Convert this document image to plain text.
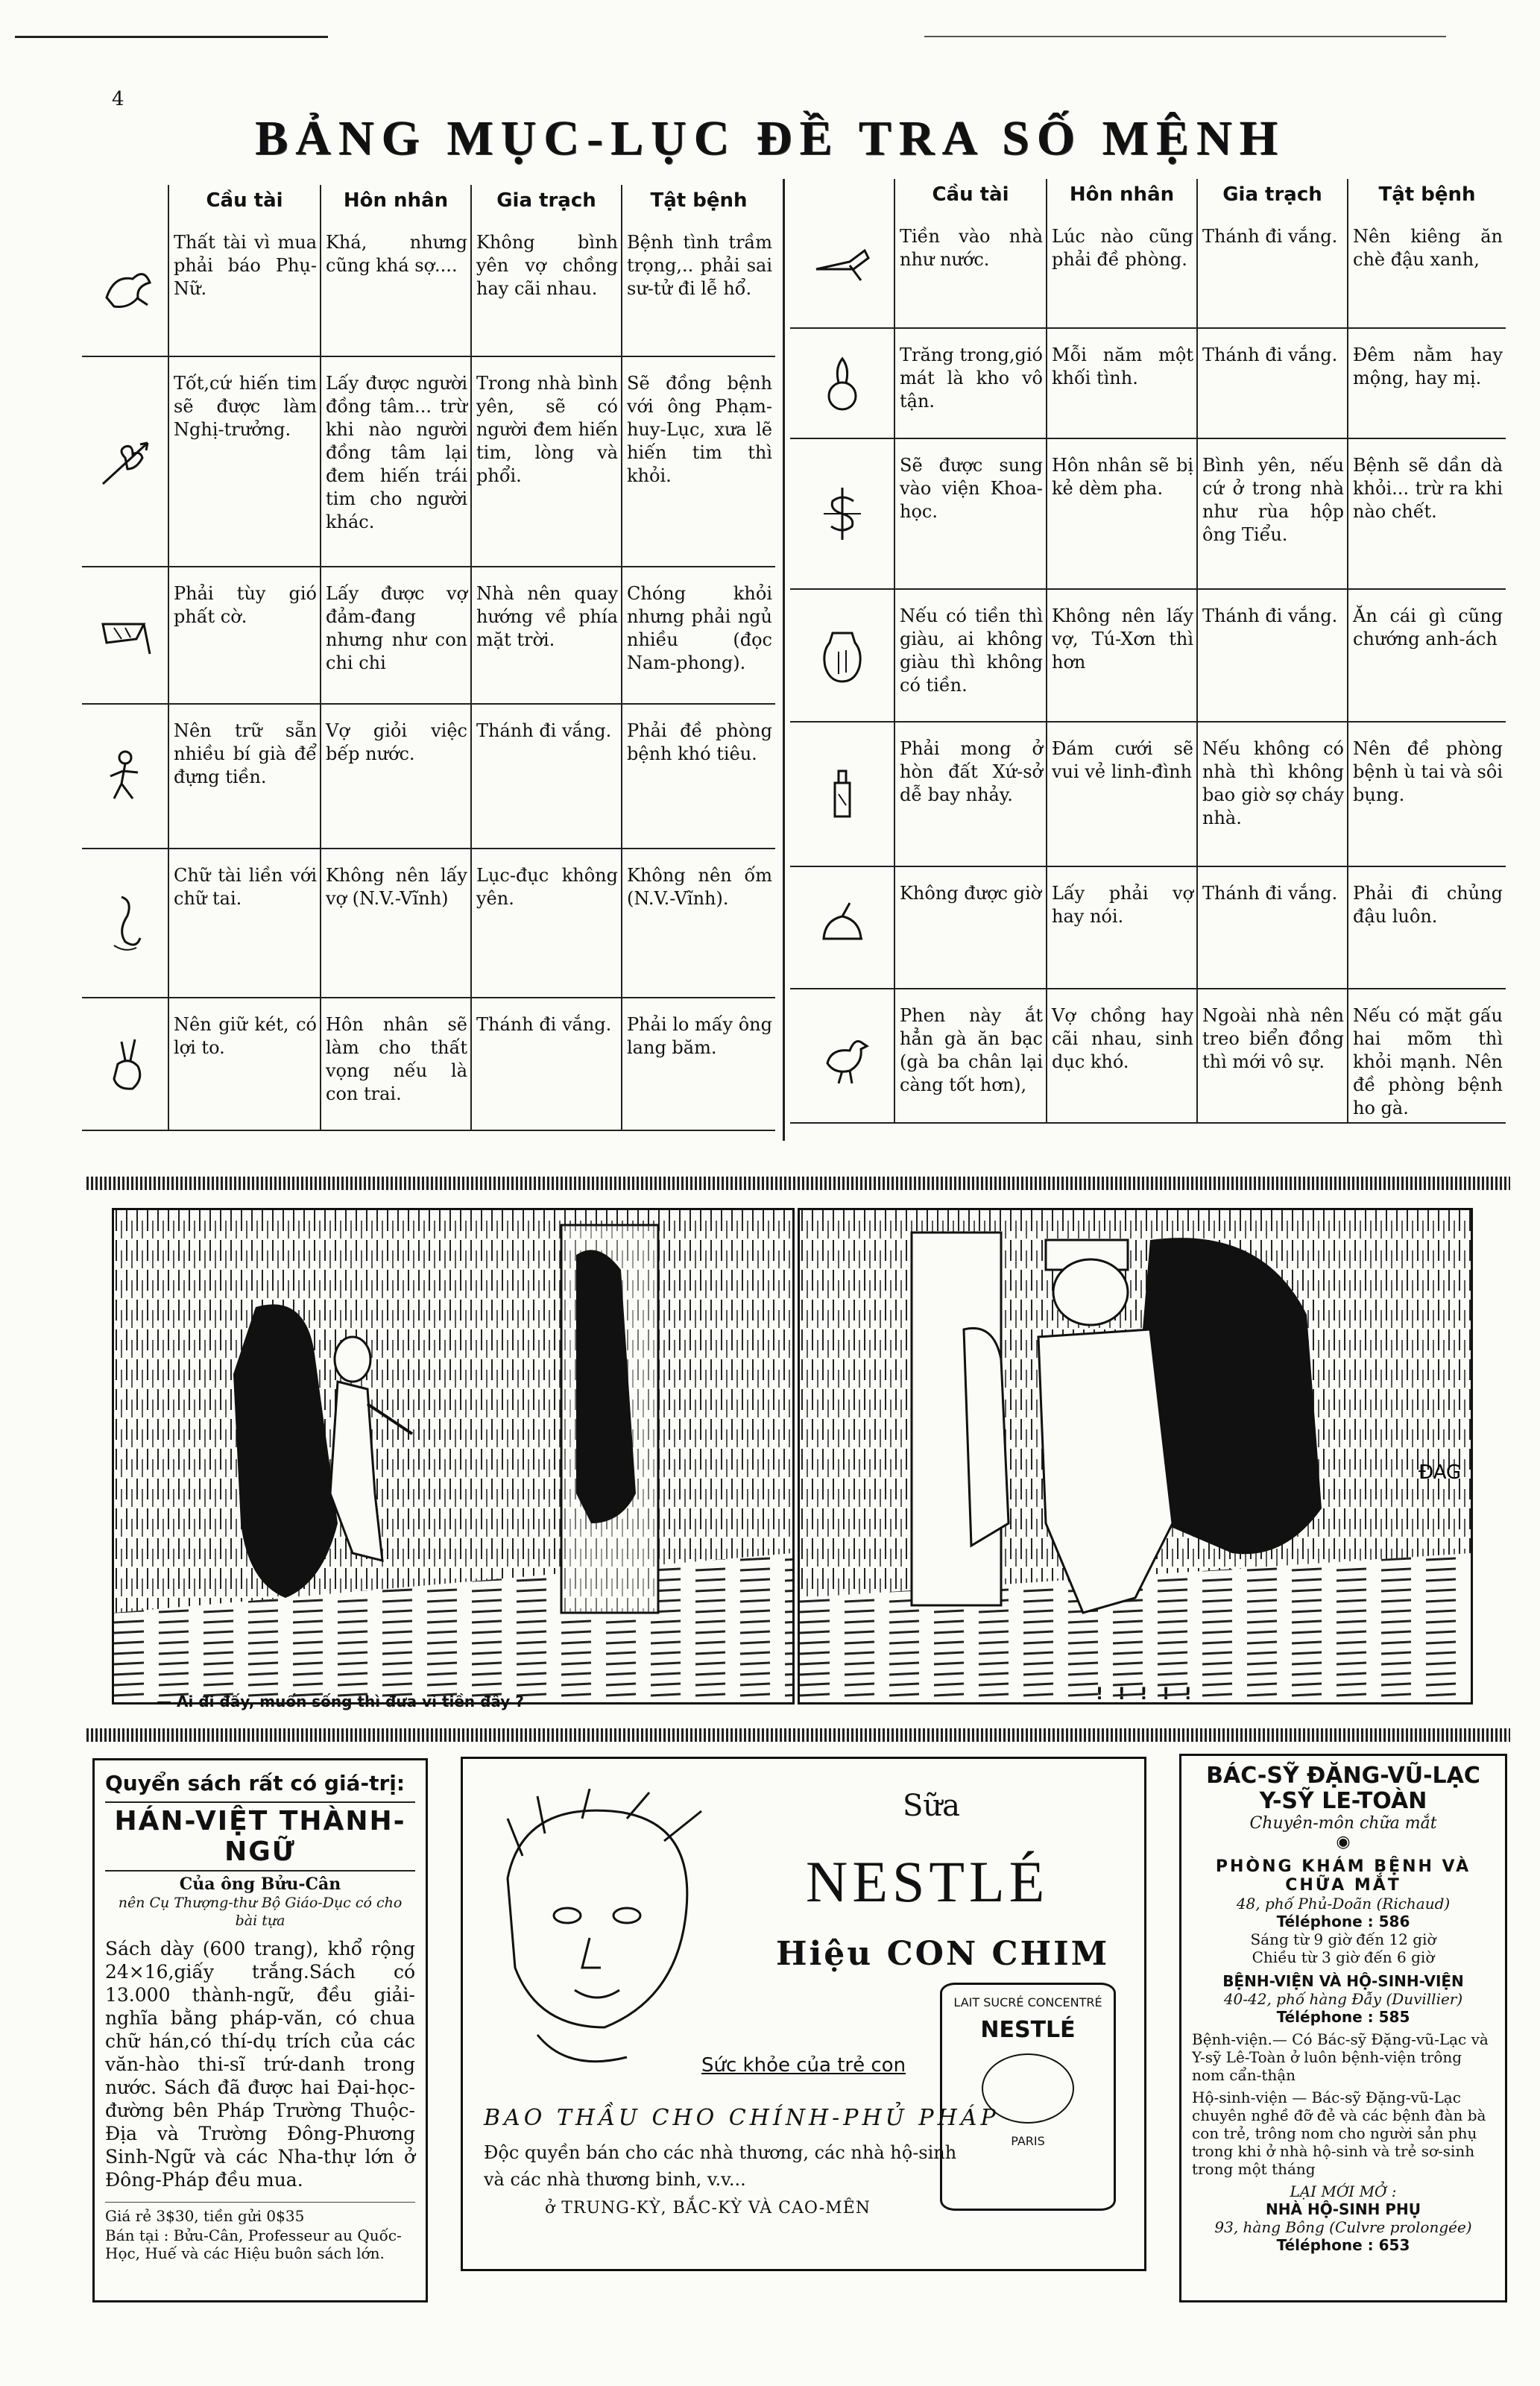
4
BẢNG MỤC-LỤC ĐỀ TRA SỐ MỆNH
	Cầu tài	Hôn nhân	Gia trạch	Tật bệnh

	Thất tài vì mua phải báo Phụ-Nữ.	Khá, nhưng cũng khá sợ....	Không bình yên vợ chồng hay cãi nhau.	Bệnh tình trầm trọng,.. phải sai sư-tử đi lễ hổ.

	Tốt,cứ hiến tim sẽ được làm Nghị-trưởng.	Lấy được người đồng tâm... trừ khi nào người đồng tâm lại đem hiến trái tim cho người khác.	Trong nhà bình yên, sẽ có người đem hiến tim, lòng và phổi.	Sẽ đồng bệnh với ông Phạm-huy-Lục, xưa lẽ hiến tim thì khỏi.

	Phải tùy gió phất cờ.	Lấy được vợ đảm-đang nhưng như con chi chi	Nhà nên quay hướng về phía mặt trời.	Chóng khỏi nhưng phải ngủ nhiều (đọc Nam-phong).

	Nên trữ sẵn nhiều bí già để đựng tiền.	Vợ giỏi việc bếp nước.	Thánh đi vắng.	Phải đề phòng bệnh khó tiêu.

	Chữ tài liền với chữ tai.	Không nên lấy vợ (N.V.-Vĩnh)	Lục-đục không yên.	Không nên ốm (N.V.-Vĩnh).

	Nên giữ két, có lợi to.	Hôn nhân sẽ làm cho thất vọng nếu là con trai.	Thánh đi vắng.	Phải lo mấy ông lang băm.
	Cầu tài	Hôn nhân	Gia trạch	Tật bệnh

	Tiền vào nhà như nước.	Lúc nào cũng phải đề phòng.	Thánh đi vắng.	Nên kiêng ăn chè đậu xanh,

	Trăng trong,gió mát là kho vô tận.	Mỗi năm một khối tình.	Thánh đi vắng.	Đêm nằm hay mộng, hay mị.

	Sẽ được sung vào viện Khoa-học.	Hôn nhân sẽ bị kẻ dèm pha.	Bình yên, nếu cứ ở trong nhà như rùa hộp ông Tiểu.	Bệnh sẽ dần dà khỏi... trừ ra khi nào chết.

	Nếu có tiền thì giàu, ai không giàu thì không có tiền.	Không nên lấy vợ, Tú-Xơn thì hơn	Thánh đi vắng.	Ăn cái gì cũng chướng anh-ách

	Phải mong ở hòn đất Xứ-sở dễ bay nhảy.	Đám cưới sẽ vui vẻ linh-đình	Nếu không có nhà thì không bao giờ sợ cháy nhà.	Nên đề phòng bệnh ù tai và sôi bụng.

	Không được giờ	Lấy phải vợ hay nói.	Thánh đi vắng.	Phải đi chủng đậu luôn.

	Phen này ắt hẳn gà ăn bạc (gà ba chân lại càng tốt hơn),	Vợ chồng hay cãi nhau, sinh dục khó.	Ngoài nhà nên treo biển đồng thì mới vô sự.	Nếu có mặt gấu hai mõm thì khỏi mạnh. Nên đề phòng bệnh ho gà.
ĐAG
— Ai đi đấy, muốn sống thì đưa vì tiền đây ?	! ! ! ! !
Quyển sách rất có giá-trị:
HÁN-VIỆT THÀNH-NGỮ
Của ông Bửu-Cân
nên Cụ Thượng-thư Bộ Giáo-Dục có cho bài tựa
Sách dày (600 trang), khổ rộng 24×16,giấy trắng.Sách có 13.000 thành-ngữ, đều giải-nghĩa bằng pháp-văn, có chua chữ hán,có thí-dụ trích của các văn-hào thi-sĩ trứ-danh trong nước. Sách đã được hai Đại-học-đường bên Pháp Trường Thuộc-Địa và Trường Đông-Phương Sinh-Ngữ và các Nha-thự lớn ở Đông-Pháp đều mua.
Giá rẻ 3$30, tiền gửi 0$35
Bán tại : Bửu-Cân, Professeur au Quốc-Học, Huế và các Hiệu buôn sách lớn.
Sữa
NESTLÉ
Hiệu CON CHIM
Sức khỏe của trẻ con
BAO THẦU CHO CHÍNH-PHỦ PHÁP
Độc quyền bán cho các nhà thương, các nhà hộ-sinh và các nhà thương binh, v.v...
ở TRUNG-KỲ, BẮC-KỲ VÀ CAO-MÊN
LAIT SUCRÉ CONCENTRÉ
NESTLÉ
PARIS
BÁC-SỸ ĐẶNG-VŨ-LẠC Y-SỸ LE-TOÀN
Chuyên-môn chữa mắt
◉
PHÒNG KHÁM BỆNH VÀ CHỮA MẮT
48, phố Phủ-Doãn (Richaud)
Téléphone : 586
Sáng từ 9 giờ đến 12 giờ
Chiều từ 3 giờ đến 6 giờ
BỆNH-VIỆN VÀ HỘ-SINH-VIỆN
40-42, phố hàng Đẫy (Duvillier)
Téléphone : 585
Bệnh-viện.— Có Bác-sỹ Đặng-vũ-Lạc và Y-sỹ Lê-Toàn ở luôn bệnh-viện trông nom cẩn-thận
Hộ-sinh-viện — Bác-sỹ Đặng-vũ-Lạc chuyên nghề đỡ đẻ và các bệnh đàn bà con trẻ, trông nom cho người sản phụ trong khi ở nhà hộ-sinh và trẻ sơ-sinh trong một tháng
LẠI MỚI MỞ :
NHÀ HỘ-SINH PHỤ
93, hàng Bông (Culvre prolongée)
Téléphone : 653
